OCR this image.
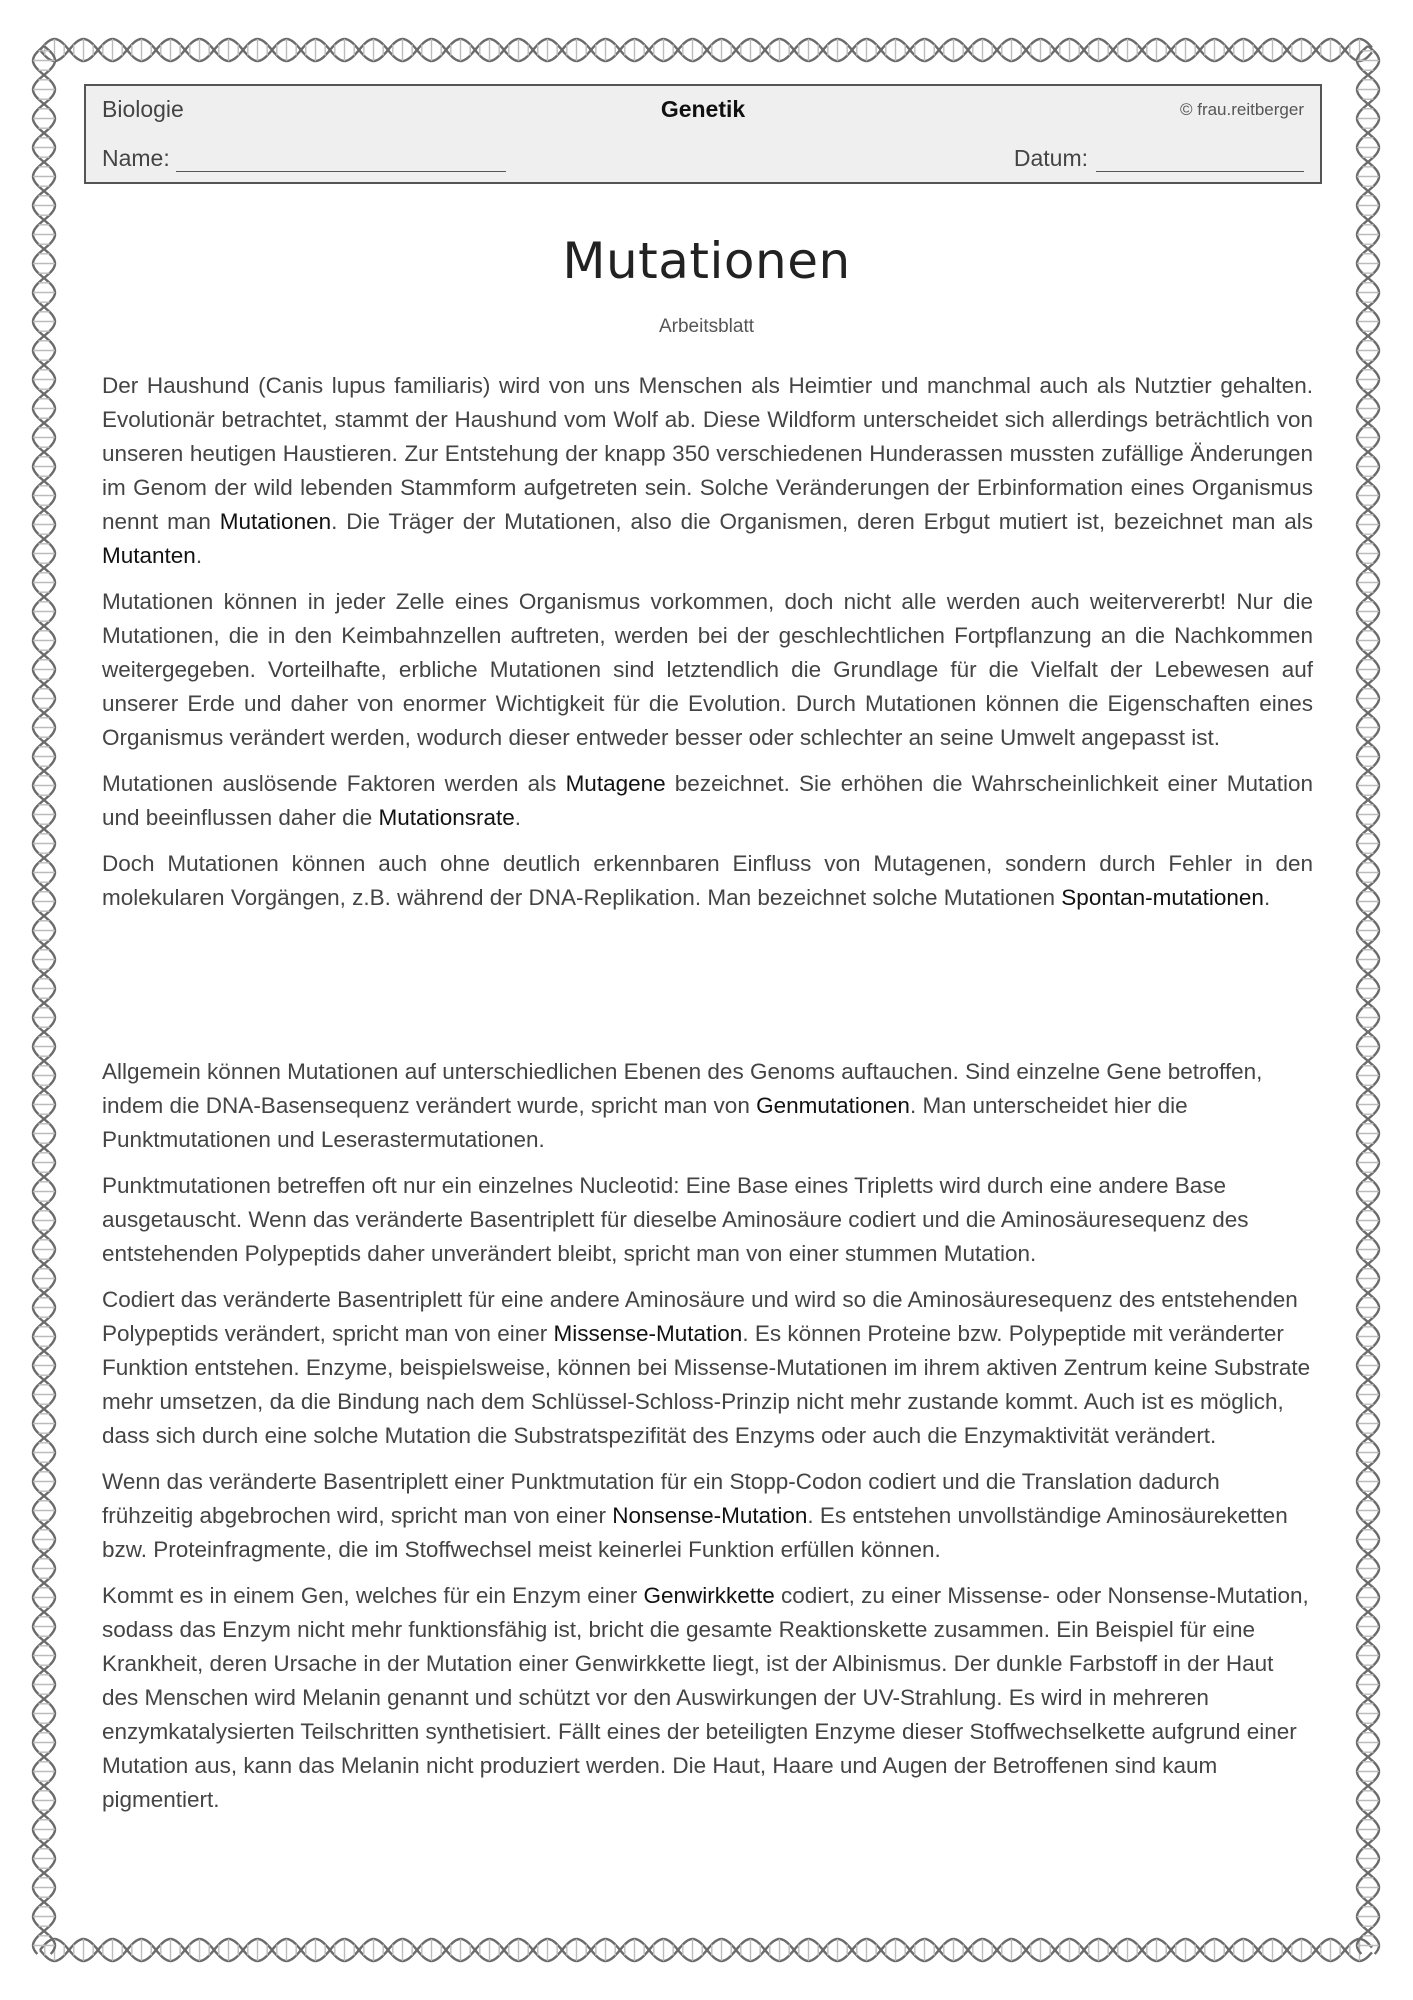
Biologie	Genetik	© frau.reitberger
Name:	Datum:
Mutationen
Arbeitsblatt

Der Haushund (Canis lupus familiaris) wird von uns Menschen als Heimtier und manchmal auch als Nutztier gehalten. Evolutionär betrachtet, stammt der Haushund vom Wolf ab. Diese Wildform unterscheidet sich allerdings beträchtlich von unseren heutigen Haustieren. Zur Entstehung der knapp 350 verschiedenen Hunderassen mussten zufällige Änderungen im Genom der wild lebenden Stammform aufgetreten sein. Solche Veränderungen der Erbinformation eines Organismus nennt man Mutationen. Die Träger der Mutationen, also die Organismen, deren Erbgut mutiert ist, bezeichnet man als Mutanten.

Mutationen können in jeder Zelle eines Organismus vorkommen, doch nicht alle werden auch weitervererbt! Nur die Mutationen, die in den Keimbahnzellen auftreten, werden bei der geschlechtlichen Fortpflanzung an die Nachkommen weitergegeben. Vorteilhafte, erbliche Mutationen sind letztendlich die Grundlage für die Vielfalt der Lebewesen auf unserer Erde und daher von enormer Wichtigkeit für die Evolution. Durch Mutationen können die Eigenschaften eines Organismus verändert werden, wodurch dieser entweder besser oder schlechter an seine Umwelt angepasst ist.

Mutationen auslösende Faktoren werden als Mutagene bezeichnet. Sie erhöhen die Wahrscheinlichkeit einer Mutation und beeinflussen daher die Mutationsrate.

Doch Mutationen können auch ohne deutlich erkennbaren Einfluss von Mutagenen, sondern durch Fehler in den molekularen Vorgängen, z.B. während der DNA-Replikation. Man bezeichnet solche Mutationen Spontan-mutationen.

Allgemein können Mutationen auf unterschiedlichen Ebenen des Genoms auftauchen. Sind einzelne Gene betroffen, indem die DNA-Basensequenz verändert wurde, spricht man von Genmutationen. Man unterscheidet hier die Punktmutationen und Leserastermutationen.

Punktmutationen betreffen oft nur ein einzelnes Nucleotid: Eine Base eines Tripletts wird durch eine andere Base ausgetauscht. Wenn das veränderte Basentriplett für dieselbe Aminosäure codiert und die Aminosäuresequenz des entstehenden Polypeptids daher unverändert bleibt, spricht man von einer stummen Mutation.

Codiert das veränderte Basentriplett für eine andere Aminosäure und wird so die Aminosäuresequenz des entstehenden Polypeptids verändert, spricht man von einer Missense-Mutation. Es können Proteine bzw. Polypeptide mit veränderter Funktion entstehen. Enzyme, beispielsweise, können bei Missense-Mutationen im ihrem aktiven Zentrum keine Substrate mehr umsetzen, da die Bindung nach dem Schlüssel-Schloss-Prinzip nicht mehr zustande kommt. Auch ist es möglich, dass sich durch eine solche Mutation die Substratspezifität des Enzyms oder auch die Enzymaktivität verändert.

Wenn das veränderte Basentriplett einer Punktmutation für ein Stopp-Codon codiert und die Translation dadurch frühzeitig abgebrochen wird, spricht man von einer Nonsense-Mutation. Es entstehen unvollständige Aminosäureketten bzw. Proteinfragmente, die im Stoffwechsel meist keinerlei Funktion erfüllen können.

Kommt es in einem Gen, welches für ein Enzym einer Genwirkkette codiert, zu einer Missense- oder Nonsense-Mutation, sodass das Enzym nicht mehr funktionsfähig ist, bricht die gesamte Reaktionskette zusammen. Ein Beispiel für eine Krankheit, deren Ursache in der Mutation einer Genwirkkette liegt, ist der Albinismus. Der dunkle Farbstoff in der Haut des Menschen wird Melanin genannt und schützt vor den Auswirkungen der UV-Strahlung. Es wird in mehreren enzymkatalysierten Teilschritten synthetisiert. Fällt eines der beteiligten Enzyme dieser Stoffwechselkette aufgrund einer Mutation aus, kann das Melanin nicht produziert werden. Die Haut, Haare und Augen der Betroffenen sind kaum pigmentiert.
